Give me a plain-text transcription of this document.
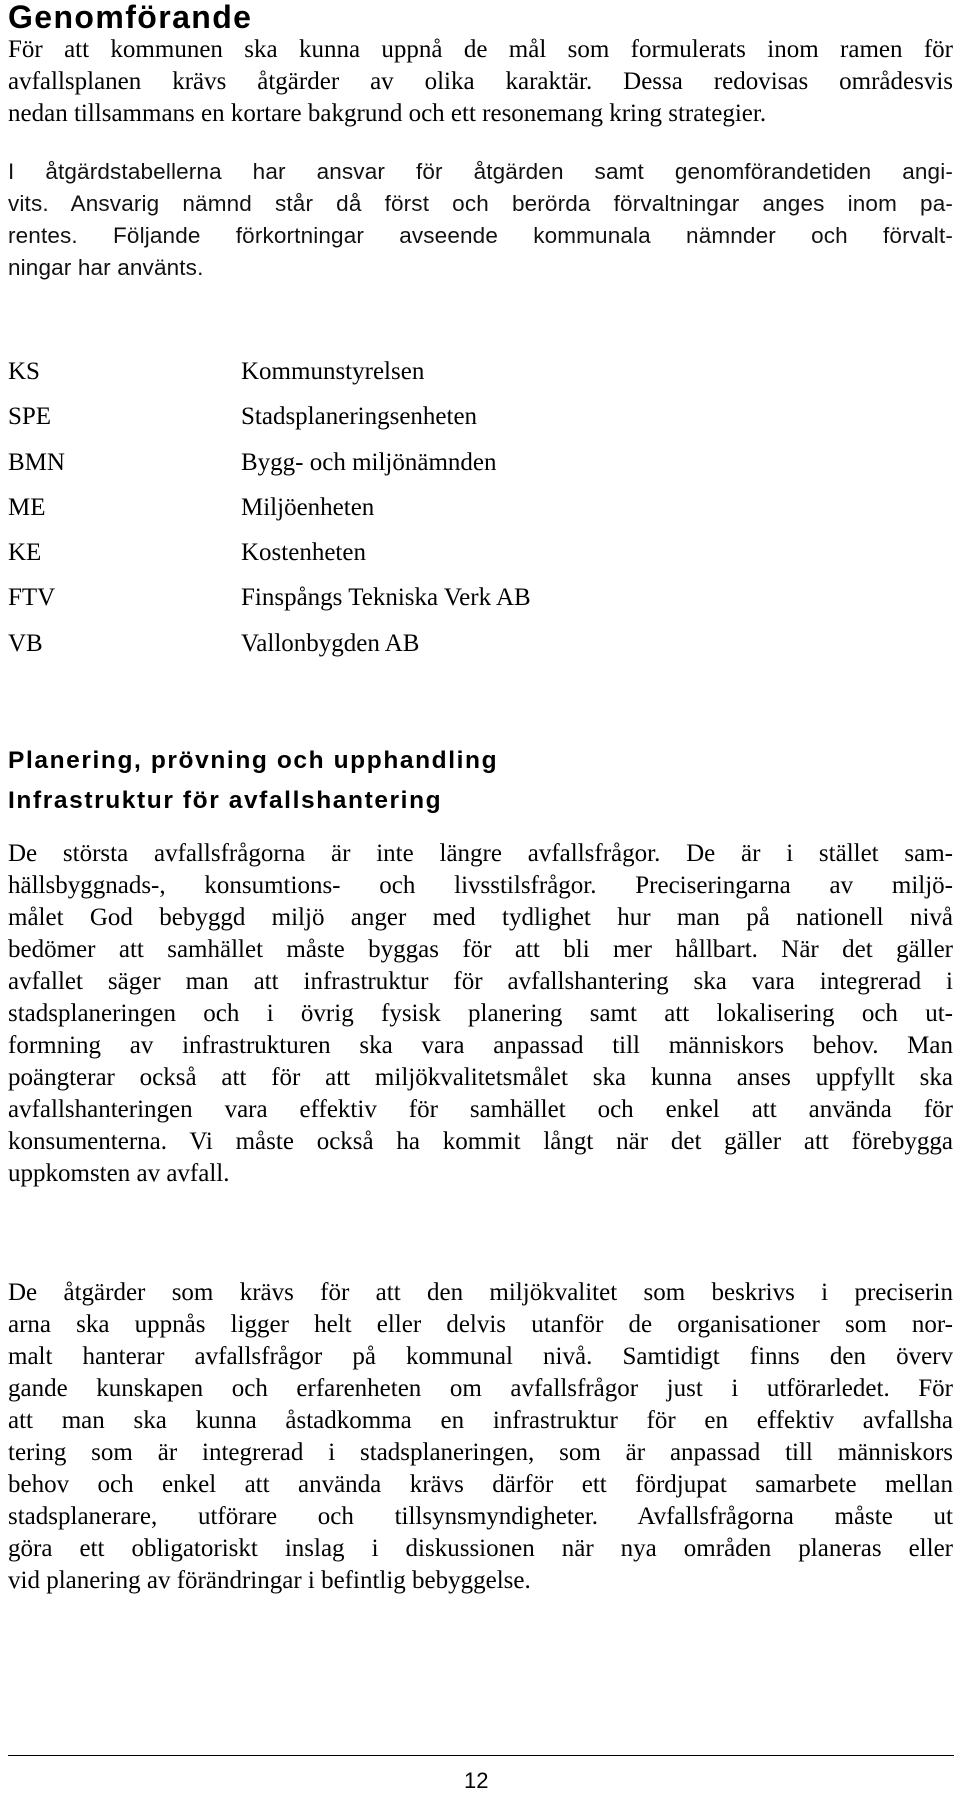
Genomförande
För att kommunen ska kunna uppnå de mål som formulerats inom ramen för
avfallsplanen krävs åtgärder av olika karaktär. Dessa redovisas områdesvis
nedan tillsammans en kortare bakgrund och ett resonemang kring strategier.
I åtgärdstabellerna har ansvar för åtgärden samt genomförandetiden angi-
vits. Ansvarig nämnd står då först och berörda förvaltningar anges inom pa-
rentes. Följande förkortningar avseende kommunala nämnder och förvalt-
ningar har använts.
KS	Kommunstyrelsen
SPE	Stadsplaneringsenheten
BMN	Bygg- och miljönämnden
ME	Miljöenheten
KE	Kostenheten
FTV	Finspångs Tekniska Verk AB
VB	Vallonbygden AB
Planering, prövning och upphandling
Infrastruktur för avfallshantering
De största avfallsfrågorna är inte längre avfallsfrågor. De är i stället sam-
hällsbyggnads-, konsumtions- och livsstilsfrågor. Preciseringarna av miljö-
målet God bebyggd miljö anger med tydlighet hur man på nationell nivå
bedömer att samhället måste byggas för att bli mer hållbart. När det gäller
avfallet säger man att infrastruktur för avfallshantering ska vara integrerad i
stadsplaneringen och i övrig fysisk planering samt att lokalisering och ut-
formning av infrastrukturen ska vara anpassad till människors behov. Man
poängterar också att för att miljökvalitetsmålet ska kunna anses uppfyllt ska
avfallshanteringen vara effektiv för samhället och enkel att använda för
konsumenterna. Vi måste också ha kommit långt när det gäller att förebygga
uppkomsten av avfall.
De åtgärder som krävs för att den miljökvalitet som beskrivs i preciserin
arna ska uppnås ligger helt eller delvis utanför de organisationer som nor-
malt hanterar avfallsfrågor på kommunal nivå. Samtidigt finns den överv
gande kunskapen och erfarenheten om avfallsfrågor just i utförarledet. För
att man ska kunna åstadkomma en infrastruktur för en effektiv avfallsha
tering som är integrerad i stadsplaneringen, som är anpassad till människors
behov och enkel att använda krävs därför ett fördjupat samarbete mellan
stadsplanerare, utförare och tillsynsmyndigheter. Avfallsfrågorna måste ut
göra ett obligatoriskt inslag i diskussionen när nya områden planeras eller
vid planering av förändringar i befintlig bebyggelse.
12
